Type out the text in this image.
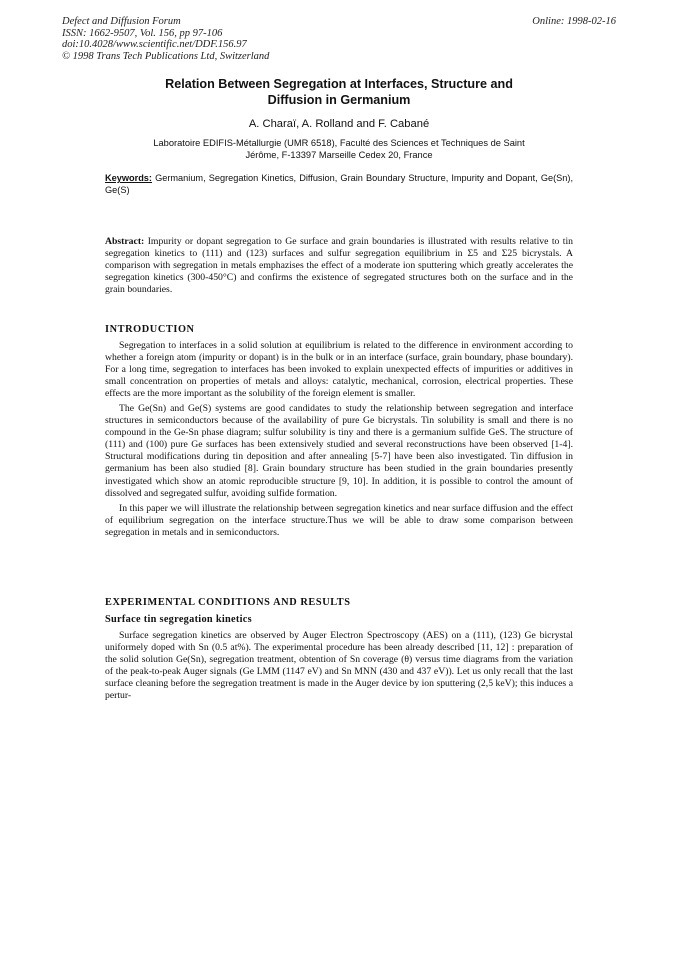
Defect and Diffusion Forum
ISSN: 1662-9507, Vol. 156, pp 97-106
doi:10.4028/www.scientific.net/DDF.156.97
© 1998 Trans Tech Publications Ltd, Switzerland
Online: 1998-02-16
Relation Between Segregation at Interfaces, Structure and
Diffusion in Germanium
A. Charaï, A. Rolland and F. Cabané
Laboratoire EDIFIS-Métallurgie (UMR 6518), Faculté des Sciences et Techniques de Saint
Jérôme, F-13397 Marseille Cedex 20, France
Keywords: Germanium, Segregation Kinetics, Diffusion, Grain Boundary Structure, Impurity and Dopant, Ge(Sn), Ge(S)

Abstract: Impurity or dopant segregation to Ge surface and grain boundaries is illustrated with results relative to tin segregation kinetics to (111) and (123) surfaces and sulfur segregation equilibrium in Σ5 and Σ25 bicrystals. A comparison with segregation in metals emphazises the effect of a moderate ion sputtering which greatly accelerates the segregation kinetics (300-450°C) and confirms the existence of segregated structures both on the surface and in the grain boundaries.

INTRODUCTION

Segregation to interfaces in a solid solution at equilibrium is related to the difference in environment according to whether a foreign atom (impurity or dopant) is in the bulk or in an interface (surface, grain boundary, phase boundary). For a long time, segregation to interfaces has been invoked to explain unexpected effects of impurities or additives in small concentration on properties of metals and alloys: catalytic, mechanical, corrosion, electrical properties. These effects are the more important as the solubility of the foreign element is smaller.

The Ge(Sn) and Ge(S) systems are good candidates to study the relationship between segregation and interface structures in semiconductors because of the availability of pure Ge bicrystals. Tin solubility is small and there is no compound in the Ge-Sn phase diagram; sulfur solubility is tiny and there is a germanium sulfide GeS. The structure of (111) and (100) pure Ge surfaces has been extensively studied and several reconstructions have been observed [1-4]. Structural modifications during tin deposition and after annealing [5-7] have been also investigated. Tin diffusion in germanium has been also studied [8]. Grain boundary structure has been studied in the grain boundaries presently investigated which show an atomic reproducible structure [9, 10]. In addition, it is possible to control the amount of dissolved and segregated sulfur, avoiding sulfide formation.

In this paper we will illustrate the relationship between segregation kinetics and near surface diffusion and the effect of equilibrium segregation on the interface structure.Thus we will be able to draw some comparison between segregation in metals and in semiconductors.

EXPERIMENTAL CONDITIONS AND RESULTS
Surface tin segregation kinetics

Surface segregation kinetics are observed by Auger Electron Spectroscopy (AES) on a (111), (123) Ge bicrystal uniformely doped with Sn (0.5 at%). The experimental procedure has been already described [11, 12] : preparation of the solid solution Ge(Sn), segregation treatment, obtention of Sn coverage (θ) versus time diagrams from the variation of the peak-to-peak Auger signals (Ge LMM (1147 eV) and Sn MNN (430 and 437 eV)). Let us only recall that the last surface cleaning before the segregation treatment is made in the Auger device by ion sputtering (2,5 keV); this induces a pertur-
